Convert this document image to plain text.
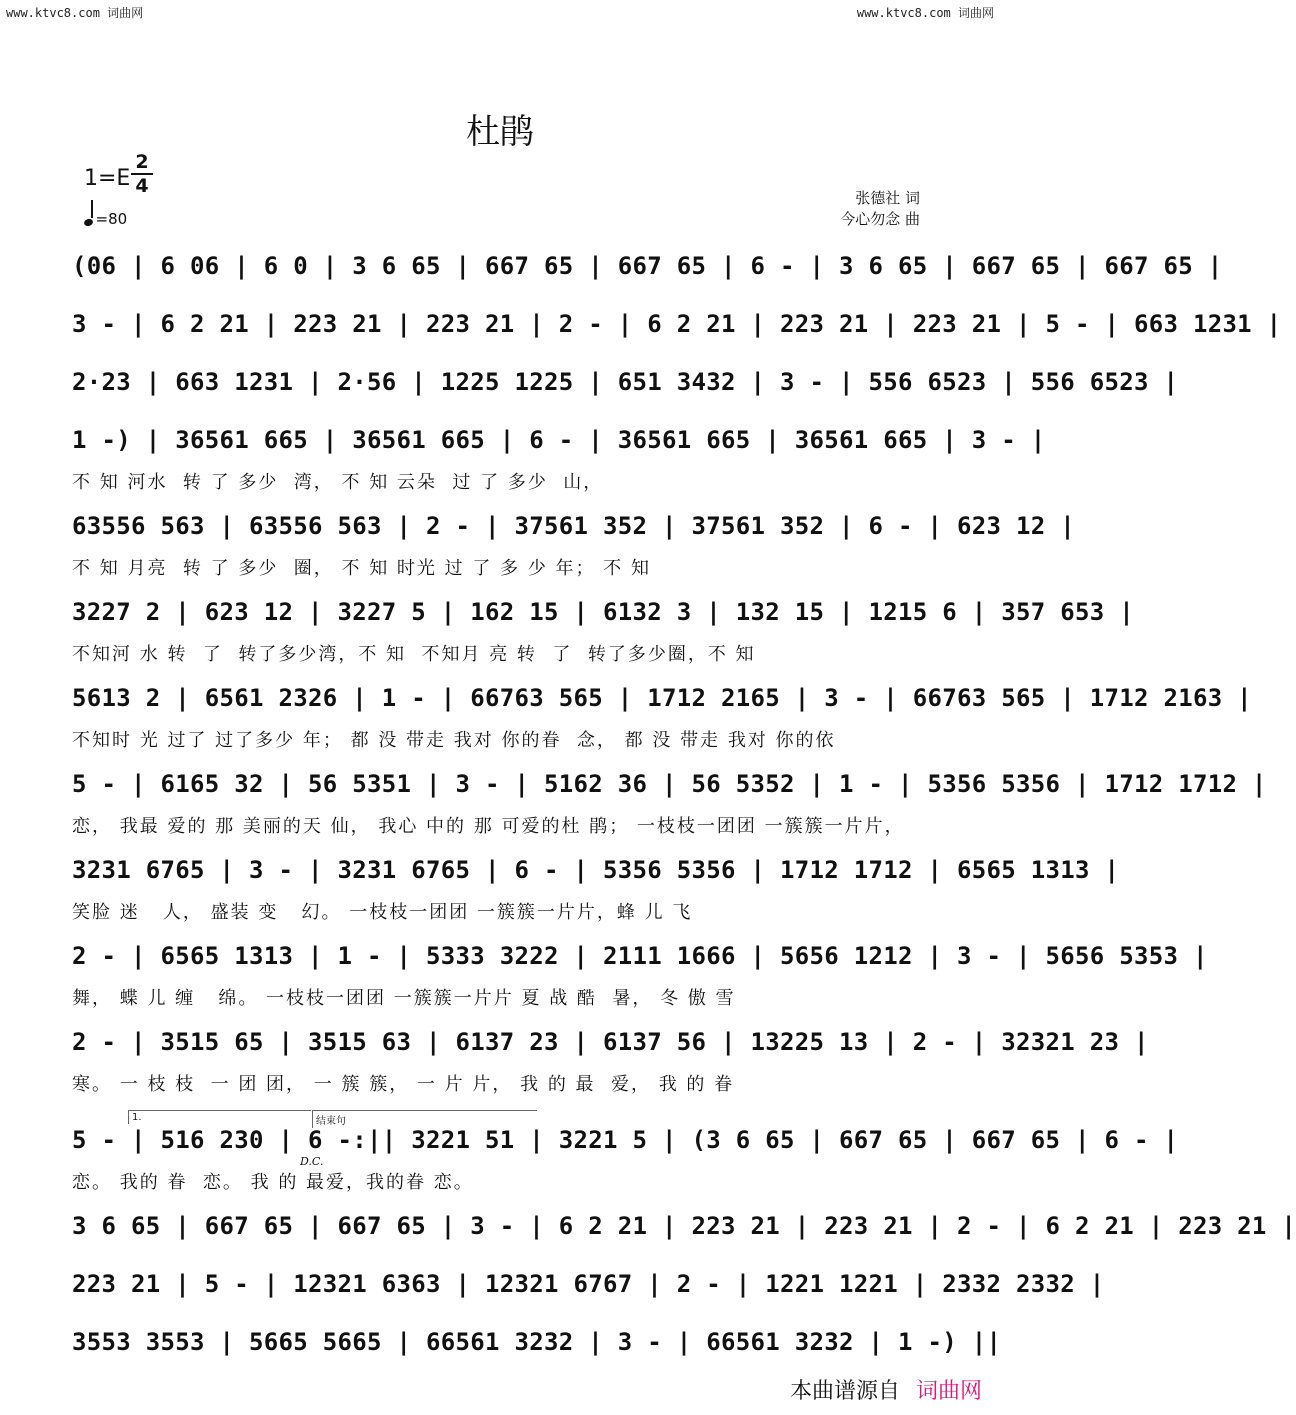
www.ktvc8.com 词曲网	www.ktvc8.com 词曲网
杜鹃
1=E
2
4
=80
张德社 词
今心勿念 曲
(06 | 6 06 | 6 0 | 3 6 65 | 667 65 | 667 65 | 6 - | 3 6 65 | 667 65 | 667 65 |
3 - | 6 2 21 | 223 21 | 223 21 | 2 - | 6 2 21 | 223 21 | 223 21 | 5 - | 663 1231 |
2·23 | 663 1231 | 2·56 | 1225 1225 | 651 3432 | 3 - | 556 6523 | 556 6523 |
1 -) | 36561 665 | 36561 665 | 6 - | 36561 665 | 36561 665 | 3 - |
不 知 河水  转 了 多少  湾， 不 知 云朵  过 了 多少  山，
63556 563 | 63556 563 | 2 - | 37561 352 | 37561 352 | 6 - | 623 12 |
不 知 月亮  转 了 多少  圈， 不 知 时光 过 了 多 少 年； 不 知
3227 2 | 623 12 | 3227 5 | 162 15 | 6132 3 | 132 15 | 1215 6 | 357 653 |
不知河 水 转  了  转了多少湾，不 知  不知月 亮 转  了  转了多少圈，不 知
5613 2 | 6561 2326 | 1 - | 66763 565 | 1712 2165 | 3 - | 66763 565 | 1712 2163 |
不知时 光 过了 过了多少 年； 都 没 带走 我对 你的眷  念， 都 没 带走 我对 你的依
5 - | 6165 32 | 56 5351 | 3 - | 5162 36 | 56 5352 | 1 - | 5356 5356 | 1712 1712 |
恋， 我最 爱的 那 美丽的天 仙， 我心 中的 那 可爱的杜 鹃； 一枝枝一团团 一簇簇一片片，
3231 6765 | 3 - | 3231 6765 | 6 - | 5356 5356 | 1712 1712 | 6565 1313 |
笑脸 迷   人， 盛装 变   幻。 一枝枝一团团 一簇簇一片片，蜂 儿 飞
2 - | 6565 1313 | 1 - | 5333 3222 | 2111 1666 | 5656 1212 | 3 - | 5656 5353 |
舞， 蝶 儿 缠   绵。 一枝枝一团团 一簇簇一片片 夏 战 酷  暑， 冬 傲 雪
2 - | 3515 65 | 3515 63 | 6137 23 | 6137 56 | 13225 13 | 2 - | 32321 23 |
寒。 一 枝 枝  一 团 团， 一 簇 簇， 一 片 片， 我 的 最  爱， 我 的 眷
1.	结束句
5 - | 516 230 | 6 -:|| 3221 51 | 3221 5 | (3 6 65 | 667 65 | 667 65 | 6 - |
D.C.
恋。 我的 眷  恋。 我 的 最爱，我的眷 恋。
3 6 65 | 667 65 | 667 65 | 3 - | 6 2 21 | 223 21 | 223 21 | 2 - | 6 2 21 | 223 21 |
223 21 | 5 - | 12321 6363 | 12321 6767 | 2 - | 1221 1221 | 2332 2332 |
3553 3553 | 5665 5665 | 66561 3232 | 3 - | 66561 3232 | 1 -) ||
本曲谱源自 词曲网
